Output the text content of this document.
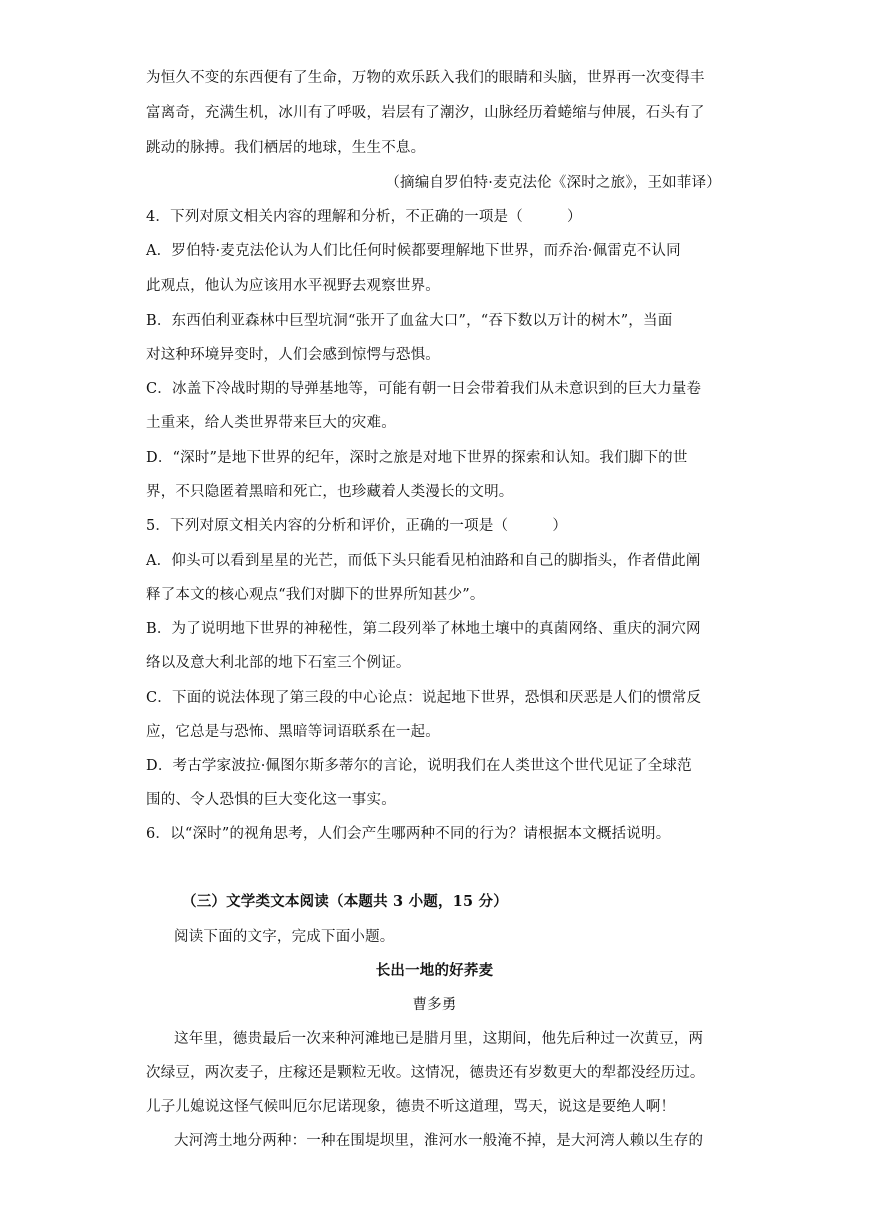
为恒久不变的东西便有了生命，万物的欢乐跃入我们的眼睛和头脑，世界再一次变得丰
富离奇，充满生机，冰川有了呼吸，岩层有了潮汐，山脉经历着蜷缩与伸展，石头有了
跳动的脉搏。我们栖居的地球，生生不息。
（摘编自罗伯特·麦克法伦《深时之旅》，王如菲译）
4．下列对原文相关内容的理解和分析，不正确的一项是（　　　）
A．罗伯特·麦克法伦认为人们比任何时候都要理解地下世界，而乔治·佩雷克不认同
此观点，他认为应该用水平视野去观察世界。
B．东西伯利亚森林中巨型坑洞“张开了血盆大口”，“吞下数以万计的树木”，当面
对这种环境异变时，人们会感到惊愕与恐惧。
C．冰盖下冷战时期的导弹基地等，可能有朝一日会带着我们从未意识到的巨大力量卷
土重来，给人类世界带来巨大的灾难。
D．“深时”是地下世界的纪年，深时之旅是对地下世界的探索和认知。我们脚下的世
界，不只隐匿着黑暗和死亡，也珍藏着人类漫长的文明。
5．下列对原文相关内容的分析和评价，正确的一项是（　　　）
A．仰头可以看到星星的光芒，而低下头只能看见柏油路和自己的脚指头，作者借此阐
释了本文的核心观点“我们对脚下的世界所知甚少”。
B．为了说明地下世界的神秘性，第二段列举了林地土壤中的真菌网络、重庆的洞穴网
络以及意大利北部的地下石室三个例证。
C．下面的说法体现了第三段的中心论点：说起地下世界，恐惧和厌恶是人们的惯常反
应，它总是与恐怖、黑暗等词语联系在一起。
D．考古学家波拉·佩图尔斯多蒂尔的言论，说明我们在人类世这个世代见证了全球范
围的、令人恐惧的巨大变化这一事实。
6．以“深时”的视角思考，人们会产生哪两种不同的行为？请根据本文概括说明。
（三）文学类文本阅读（本题共 3 小题，15 分）
阅读下面的文字，完成下面小题。
长出一地的好荞麦
曹多勇
这年里，德贵最后一次来种河滩地已是腊月里，这期间，他先后种过一次黄豆，两
次绿豆，两次麦子，庄稼还是颗粒无收。这情况，德贵还有岁数更大的犁都没经历过。
儿子儿媳说这怪气候叫厄尔尼诺现象，德贵不听这道理，骂天，说这是要绝人啊！
大河湾土地分两种：一种在围堤坝里，淮河水一般淹不掉，是大河湾人赖以生存的
